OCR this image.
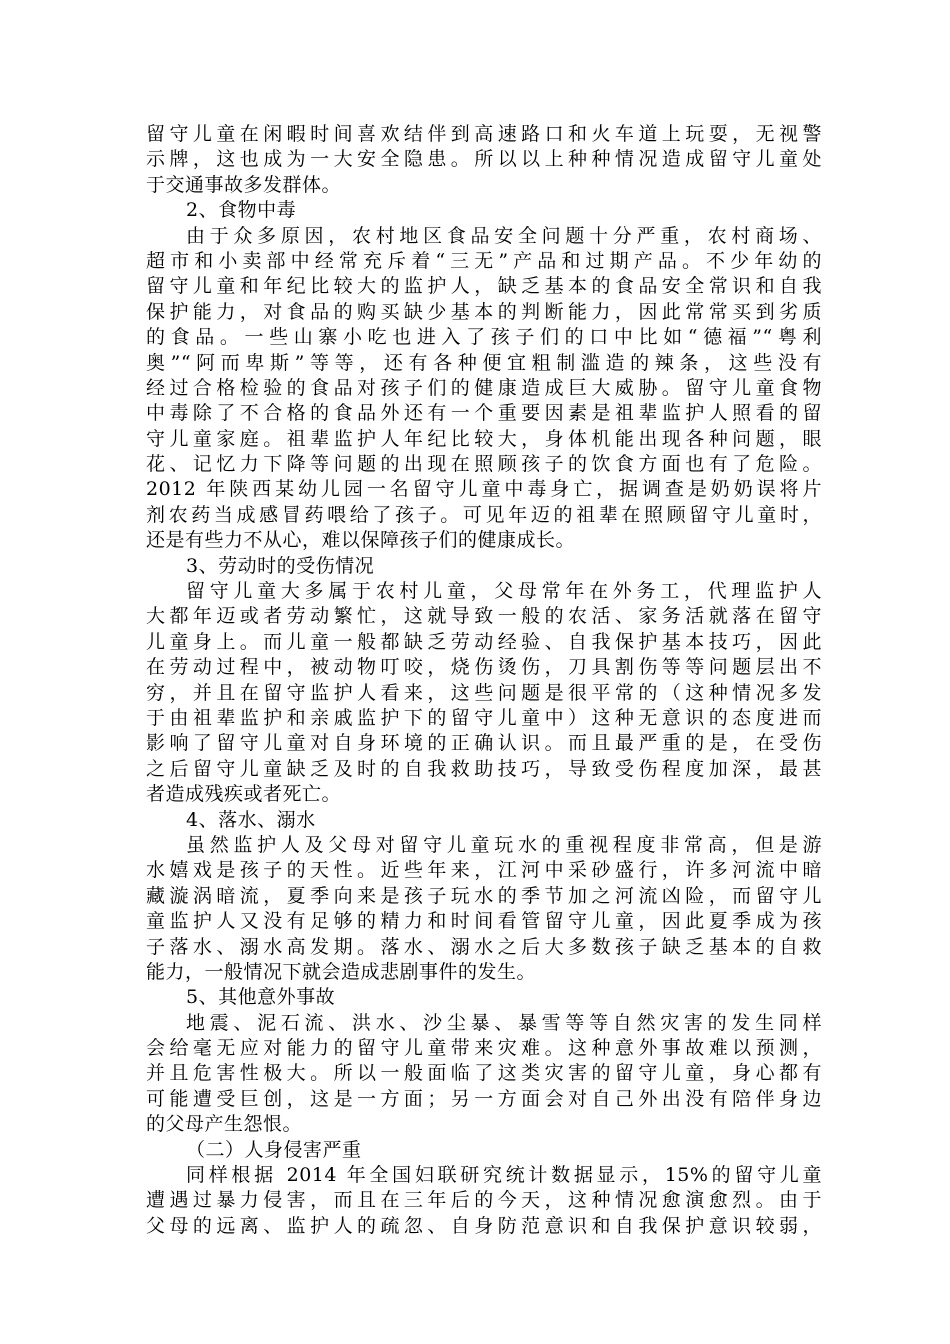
留守儿童在闲暇时间喜欢结伴到高速路口和火车道上玩耍，无视警
示牌，这也成为一大安全隐患。所以以上种种情况造成留守儿童处
于交通事故多发群体。
2、食物中毒
由于众多原因，农村地区食品安全问题十分严重，农村商场、
超市和小卖部中经常充斥着“三无”产品和过期产品。不少年幼的
留守儿童和年纪比较大的监护人，缺乏基本的食品安全常识和自我
保护能力，对食品的购买缺少基本的判断能力，因此常常买到劣质
的食品。一些山寨小吃也进入了孩子们的口中比如“德福”“粤利
奥”“阿而卑斯”等等，还有各种便宜粗制滥造的辣条，这些没有
经过合格检验的食品对孩子们的健康造成巨大威胁。留守儿童食物
中毒除了不合格的食品外还有一个重要因素是祖辈监护人照看的留
守儿童家庭。祖辈监护人年纪比较大，身体机能出现各种问题，眼
花、记忆力下降等问题的出现在照顾孩子的饮食方面也有了危险。
2012 年陕西某幼儿园一名留守儿童中毒身亡，据调查是奶奶误将片
剂农药当成感冒药喂给了孩子。可见年迈的祖辈在照顾留守儿童时，
还是有些力不从心，难以保障孩子们的健康成长。
3、劳动时的受伤情况
留守儿童大多属于农村儿童，父母常年在外务工，代理监护人
大都年迈或者劳动繁忙，这就导致一般的农活、家务活就落在留守
儿童身上。而儿童一般都缺乏劳动经验、自我保护基本技巧，因此
在劳动过程中，被动物叮咬，烧伤烫伤，刀具割伤等等问题层出不
穷，并且在留守监护人看来，这些问题是很平常的（这种情况多发
于由祖辈监护和亲戚监护下的留守儿童中）这种无意识的态度进而
影响了留守儿童对自身环境的正确认识。而且最严重的是，在受伤
之后留守儿童缺乏及时的自我救助技巧，导致受伤程度加深，最甚
者造成残疾或者死亡。
4、落水、溺水
虽然监护人及父母对留守儿童玩水的重视程度非常高，但是游
水嬉戏是孩子的天性。近些年来，江河中采砂盛行，许多河流中暗
藏漩涡暗流，夏季向来是孩子玩水的季节加之河流凶险，而留守儿
童监护人又没有足够的精力和时间看管留守儿童，因此夏季成为孩
子落水、溺水高发期。落水、溺水之后大多数孩子缺乏基本的自救
能力，一般情况下就会造成悲剧事件的发生。
5、其他意外事故
地震、泥石流、洪水、沙尘暴、暴雪等等自然灾害的发生同样
会给毫无应对能力的留守儿童带来灾难。这种意外事故难以预测，
并且危害性极大。所以一般面临了这类灾害的留守儿童，身心都有
可能遭受巨创，这是一方面；另一方面会对自己外出没有陪伴身边
的父母产生怨恨。
（二）人身侵害严重
同样根据 2014 年全国妇联研究统计数据显示，15%的留守儿童
遭遇过暴力侵害，而且在三年后的今天，这种情况愈演愈烈。由于
父母的远离、监护人的疏忽、自身防范意识和自我保护意识较弱，
